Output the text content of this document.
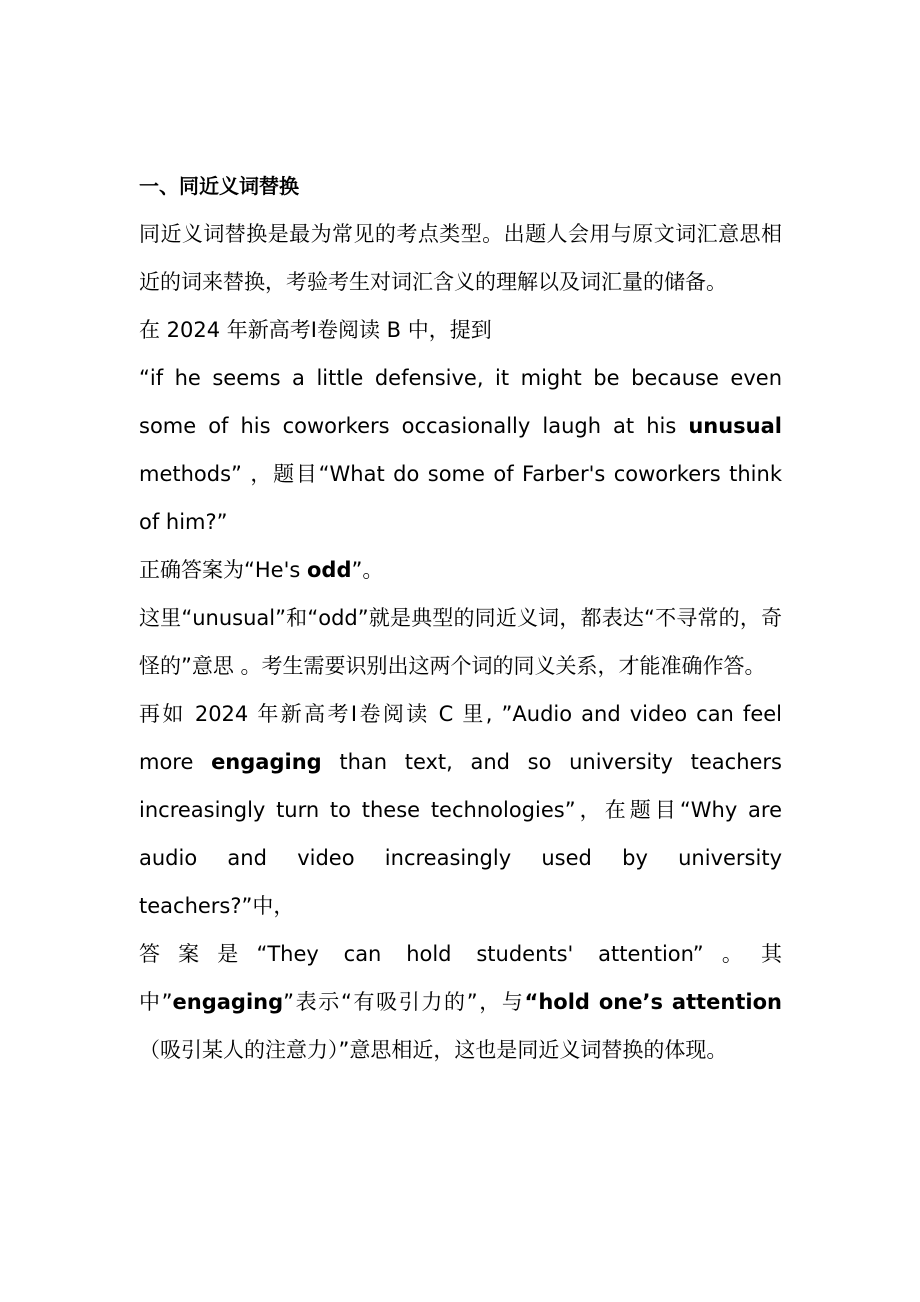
一、同近义词替换

同近义词替换是最为常见的考点类型。出题人会用与原文词汇意思相近的词来替换，考验考生对词汇含义的理解以及词汇量的储备。

在 2024 年新高考Ⅰ卷阅读 B 中，提到

“if he seems a little defensive, it might be because even some of his coworkers occasionally laugh at his unusual methods” ，题目“What do some of Farber's coworkers think of him?”

正确答案为“He's odd”。

这里“unusual”和“odd”就是典型的同近义词，都表达“不寻常的，奇怪的”意思 。考生需要识别出这两个词的同义关系，才能准确作答。

再如 2024 年新高考Ⅰ卷阅读 C 里, ”Audio and video can feel more engaging than text, and so university teachers increasingly turn to these technologies”，在题目“Why are audio and video increasingly used by university teachers?”中，

答案是“They can hold students' attention”。其中”engaging”表示“有吸引力的”，与“hold one’s attention（吸引某人的注意力）”意思相近，这也是同近义词替换的体现。
